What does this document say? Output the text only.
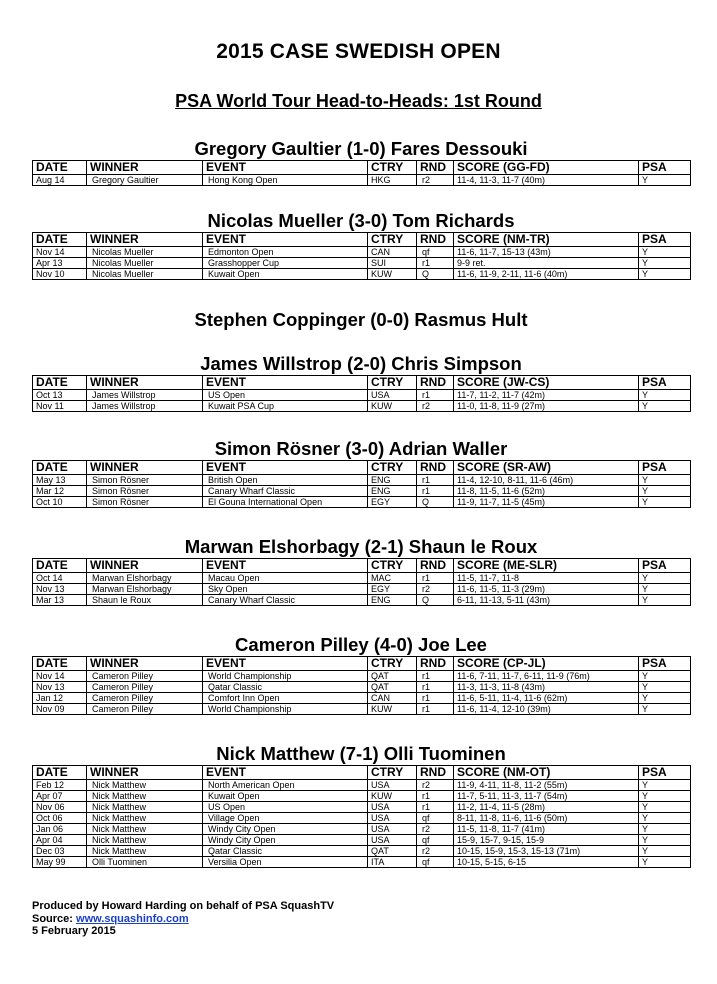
2015 CASE SWEDISH OPEN
PSA World Tour Head-to-Heads: 1st Round
Gregory Gaultier (1-0) Fares Dessouki
DATE	WINNER	EVENT	CTRY	RND	SCORE (GG-FD)	PSA
Aug 14	Gregory Gaultier	Hong Kong Open	HKG	r2	11-4, 11-3, 11-7 (40m)	Y
Nicolas Mueller (3-0) Tom Richards
DATE	WINNER	EVENT	CTRY	RND	SCORE (NM-TR)	PSA
Nov 14	Nicolas Mueller	Edmonton Open	CAN	qf	11-6, 11-7, 15-13 (43m)	Y
Apr 13	Nicolas Mueller	Grasshopper Cup	SUI	r1	9-9 ret.	Y
Nov 10	Nicolas Mueller	Kuwait Open	KUW	Q	11-6, 11-9, 2-11, 11-6 (40m)	Y
Stephen Coppinger (0-0) Rasmus Hult
James Willstrop (2-0) Chris Simpson
DATE	WINNER	EVENT	CTRY	RND	SCORE (JW-CS)	PSA
Oct 13	James Willstrop	US Open	USA	r1	11-7, 11-2, 11-7 (42m)	Y
Nov 11	James Willstrop	Kuwait PSA Cup	KUW	r2	11-0, 11-8, 11-9 (27m)	Y
Simon Rösner (3-0) Adrian Waller
DATE	WINNER	EVENT	CTRY	RND	SCORE (SR-AW)	PSA
May 13	Simon Rösner	British Open	ENG	r1	11-4, 12-10, 8-11, 11-6 (46m)	Y
Mar 12	Simon Rösner	Canary Wharf Classic	ENG	r1	11-8, 11-5, 11-6 (52m)	Y
Oct 10	Simon Rösner	El Gouna International Open	EGY	Q	11-9, 11-7, 11-5 (45m)	Y
Marwan Elshorbagy (2-1) Shaun le Roux
DATE	WINNER	EVENT	CTRY	RND	SCORE (ME-SLR)	PSA
Oct 14	Marwan Elshorbagy	Macau Open	MAC	r1	11-5, 11-7, 11-8	Y
Nov 13	Marwan Elshorbagy	Sky Open	EGY	r2	11-6, 11-5, 11-3 (29m)	Y
Mar 13	Shaun le Roux	Canary Wharf Classic	ENG	Q	6-11, 11-13, 5-11 (43m)	Y
Cameron Pilley (4-0) Joe Lee
DATE	WINNER	EVENT	CTRY	RND	SCORE (CP-JL)	PSA
Nov 14	Cameron Pilley	World Championship	QAT	r1	11-6, 7-11, 11-7, 6-11, 11-9 (76m)	Y
Nov 13	Cameron Pilley	Qatar Classic	QAT	r1	11-3, 11-3, 11-8 (43m)	Y
Jan 12	Cameron Pilley	Comfort Inn Open	CAN	r1	11-6, 5-11, 11-4, 11-6 (62m)	Y
Nov 09	Cameron Pilley	World Championship	KUW	r1	11-6, 11-4, 12-10 (39m)	Y
Nick Matthew (7-1) Olli Tuominen
DATE	WINNER	EVENT	CTRY	RND	SCORE (NM-OT)	PSA
Feb 12	Nick Matthew	North American Open	USA	r2	11-9, 4-11, 11-8, 11-2 (55m)	Y
Apr 07	Nick Matthew	Kuwait Open	KUW	r1	11-7, 5-11, 11-3, 11-7 (54m)	Y
Nov 06	Nick Matthew	US Open	USA	r1	11-2, 11-4, 11-5 (28m)	Y
Oct 06	Nick Matthew	Village Open	USA	qf	8-11, 11-8, 11-6, 11-6 (50m)	Y
Jan 06	Nick Matthew	Windy City Open	USA	r2	11-5, 11-8, 11-7 (41m)	Y
Apr 04	Nick Matthew	Windy City Open	USA	qf	15-9, 15-7, 9-15, 15-9	Y
Dec 03	Nick Matthew	Qatar Classic	QAT	r2	10-15, 15-9, 15-3, 15-13 (71m)	Y
May 99	Olli Tuominen	Versilia Open	ITA	qf	10-15, 5-15, 6-15	Y
Produced by Howard Harding on behalf of PSA SquashTV
Source: www.squashinfo.com
5 February 2015
